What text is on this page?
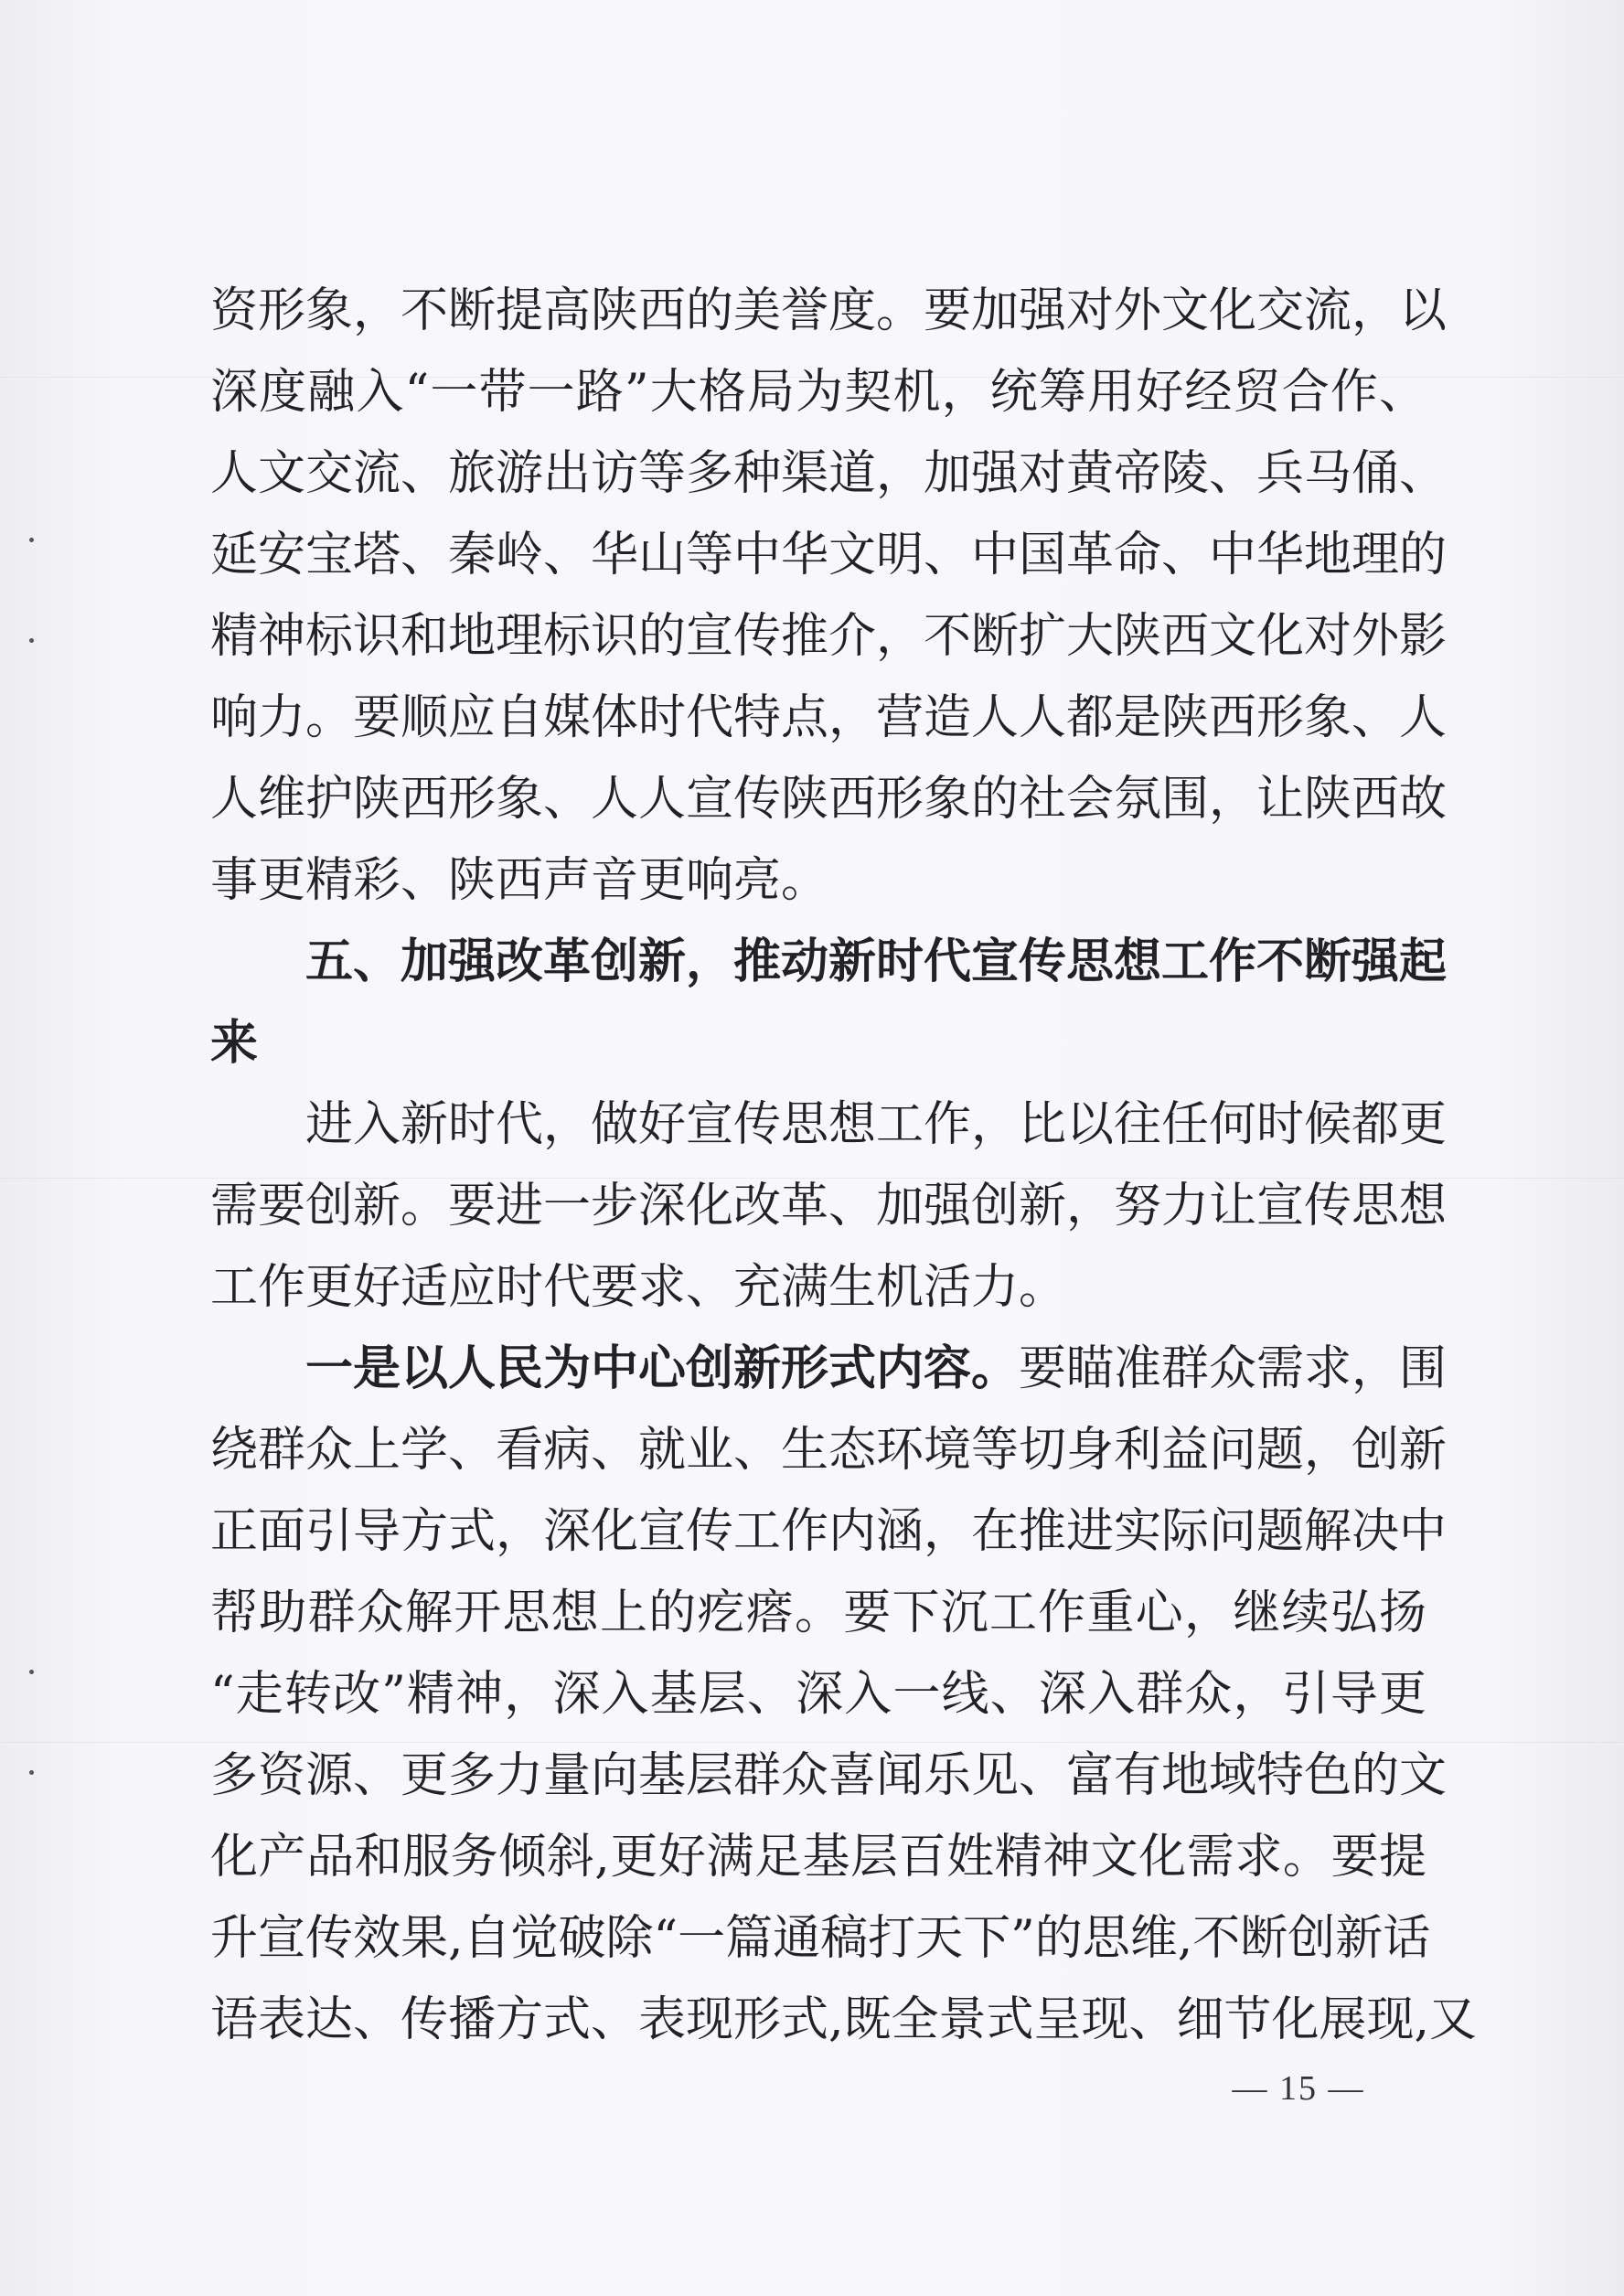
资形象，不断提高陕西的美誉度。要加强对外文化交流，以
深度融入“一带一路”大格局为契机，统筹用好经贸合作、
人文交流、旅游出访等多种渠道，加强对黄帝陵、兵马俑、
延安宝塔、秦岭、华山等中华文明、中国革命、中华地理的
精神标识和地理标识的宣传推介，不断扩大陕西文化对外影
响力。要顺应自媒体时代特点，营造人人都是陕西形象、人
人维护陕西形象、人人宣传陕西形象的社会氛围，让陕西故
事更精彩、陕西声音更响亮。
五、加强改革创新，推动新时代宣传思想工作不断强起
来
进入新时代，做好宣传思想工作，比以往任何时候都更
需要创新。要进一步深化改革、加强创新，努力让宣传思想
工作更好适应时代要求、充满生机活力。
一是以人民为中心创新形式内容。要瞄准群众需求，围
绕群众上学、看病、就业、生态环境等切身利益问题，创新
正面引导方式，深化宣传工作内涵，在推进实际问题解决中
帮助群众解开思想上的疙瘩。要下沉工作重心，继续弘扬
“走转改”精神，深入基层、深入一线、深入群众，引导更
多资源、更多力量向基层群众喜闻乐见、富有地域特色的文
化产品和服务倾斜,更好满足基层百姓精神文化需求。要提
升宣传效果,自觉破除“一篇通稿打天下”的思维,不断创新话
语表达、传播方式、表现形式,既全景式呈现、细节化展现,又
— 15 —
